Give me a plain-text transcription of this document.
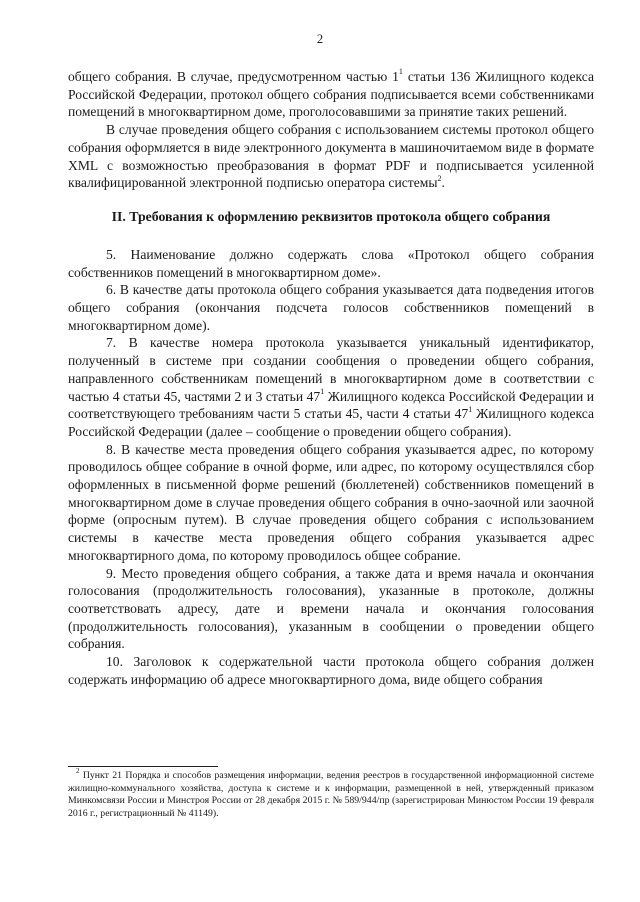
2

общего собрания. В случае, предусмотренном частью $1^1$ статьи 136 Жилищного кодекса Российской Федерации, протокол общего собрания подписывается всеми собственниками помещений в многоквартирном доме, проголосовавшими за принятие таких решений.

В случае проведения общего собрания с использованием системы протокол общего собрания оформляется в виде электронного документа в машиночитаемом виде в формате XML с возможностью преобразования в формат PDF и подписывается усиленной квалифицированной электронной подписью оператора системы$^2$.

II. Требования к оформлению реквизитов протокола общего собрания

5. Наименование должно содержать слова «Протокол общего собрания собственников помещений в многоквартирном доме».

6. В качестве даты протокола общего собрания указывается дата подведения итогов общего собрания (окончания подсчета голосов собственников помещений в многоквартирном доме).

7. В качестве номера протокола указывается уникальный идентификатор, полученный в системе при создании сообщения о проведении общего собрания, направленного собственникам помещений в многоквартирном доме в соответствии с частью 4 статьи 45, частями 2 и 3 статьи $47^1$ Жилищного кодекса Российской Федерации и соответствующего требованиям части 5 статьи 45, части 4 статьи $47^1$ Жилищного кодекса Российской Федерации (далее – сообщение о проведении общего собрания).

8. В качестве места проведения общего собрания указывается адрес, по которому проводилось общее собрание в очной форме, или адрес, по которому осуществлялся сбор оформленных в письменной форме решений (бюллетеней) собственников помещений в многоквартирном доме в случае проведения общего собрания в очно-заочной или заочной форме (опросным путем). В случае проведения общего собрания с использованием системы в качестве места проведения общего собрания указывается адрес многоквартирного дома, по которому проводилось общее собрание.

9. Место проведения общего собрания, а также дата и время начала и окончания голосования (продолжительность голосования), указанные в протоколе, должны соответствовать адресу, дате и времени начала и окончания голосования (продолжительность голосования), указанным в сообщении о проведении общего собрания.

10. Заголовок к содержательной части протокола общего собрания должен содержать информацию об адресе многоквартирного дома, виде общего собрания

$^2$ Пункт 21 Порядка и способов размещения информации, ведения реестров в государственной информационной системе жилищно-коммунального хозяйства, доступа к системе и к информации, размещенной в ней, утвержденный приказом Минкомсвязи России и Минстроя России от 28 декабря 2015 г. № 589/944/пр (зарегистрирован Минюстом России 19 февраля 2016 г., регистрационный № 41149).
